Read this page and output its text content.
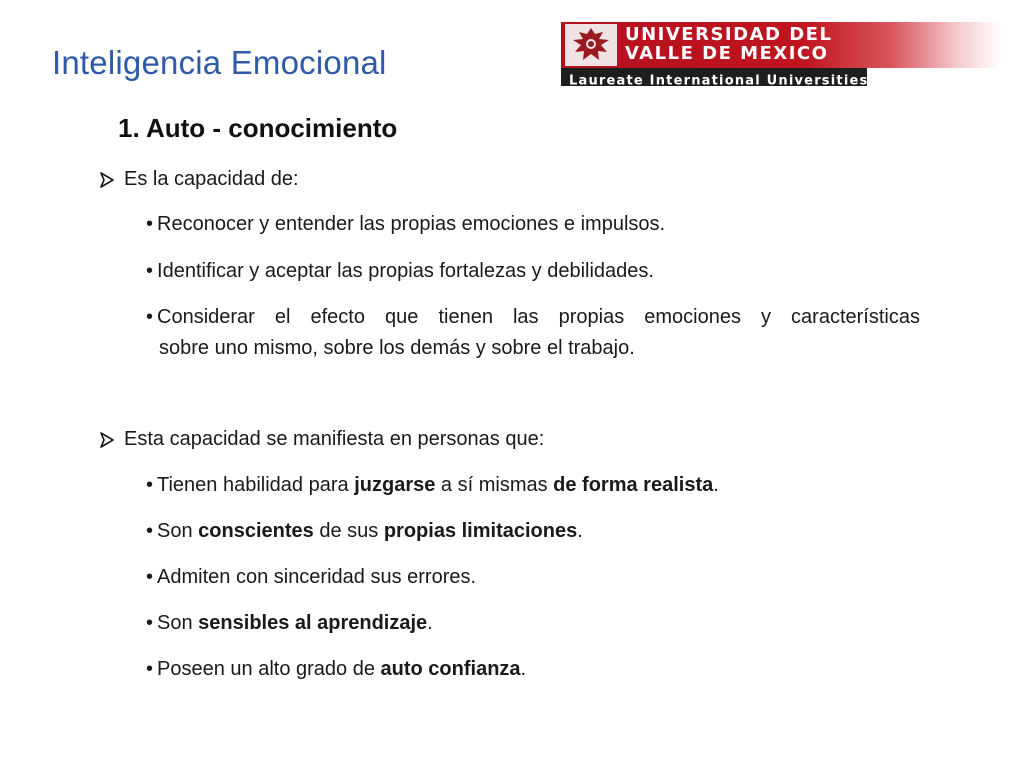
Inteligencia Emocional
UNIVERSIDAD DEL
VALLE DE MEXICO
Laureate International Universities®
1. Auto - conocimiento
Es la capacidad de:
• Reconocer y entender las propias emociones e impulsos.
• Identificar y aceptar las propias fortalezas y debilidades.
• Considerar el efecto que tienen las propias emociones y características
sobre uno mismo, sobre los demás y sobre el trabajo.
Esta capacidad se manifiesta en personas que:
• Tienen habilidad para juzgarse a sí mismas de forma realista.
• Son conscientes de sus propias limitaciones.
• Admiten con sinceridad sus errores.
• Son sensibles al aprendizaje.
• Poseen un alto grado de auto confianza.
